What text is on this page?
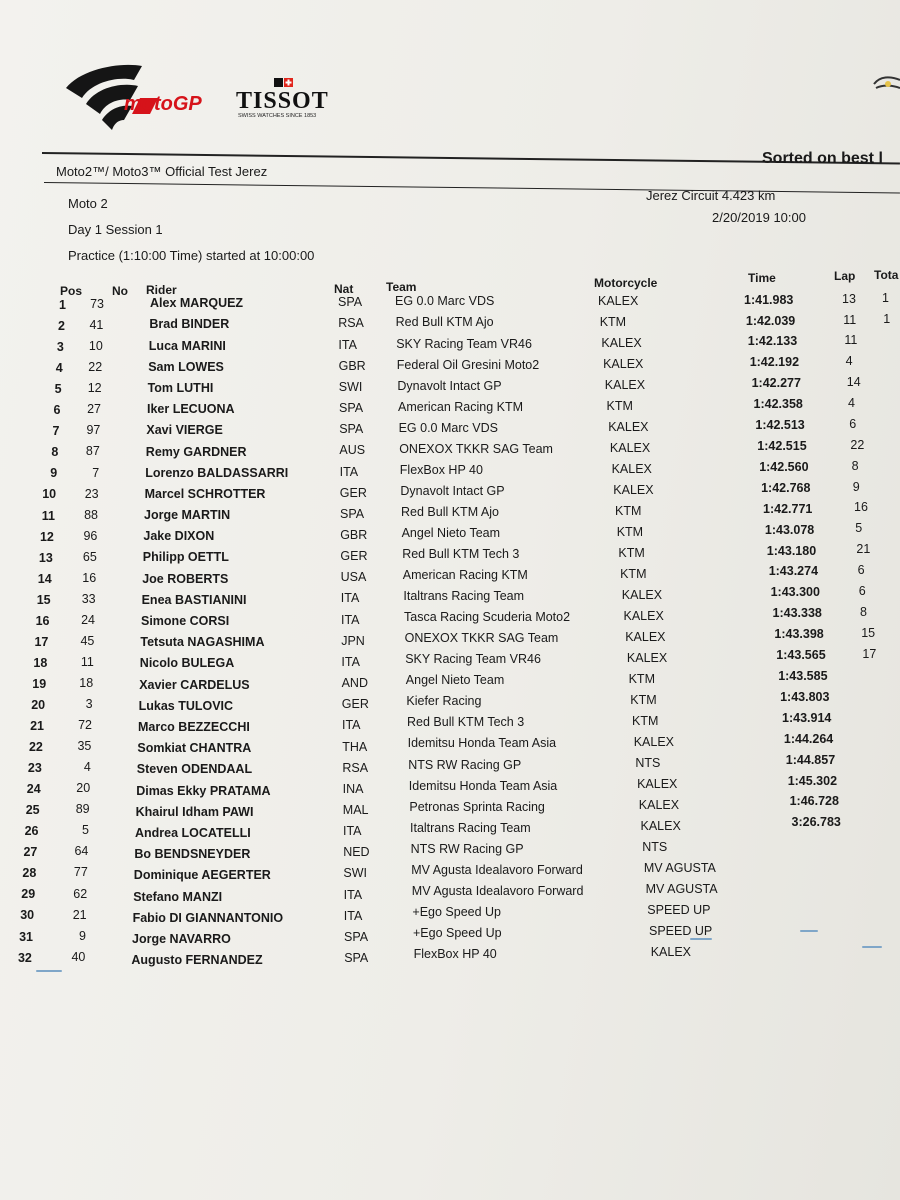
motoGP TISSOT
SWISS WATCHES SINCE 1853
Moto2™/ Moto3™ Official Test Jerez
Sorted on best l
Moto 2
Jerez Circuit 4.423 km
Day 1 Session 1
2/20/2019 10:00
Practice (1:10:00 Time) started at 10:00:00
Pos No Rider	Nat	Team	Motorcycle	Time	Lap Tota
1	73	Alex MARQUEZ	SPA	EG 0.0 Marc VDS	KALEX	1:41.983	13 1
2	41	Brad BINDER	RSA	Red Bull KTM Ajo	KTM	1:42.039	11 1
3	10	Luca MARINI	ITA	SKY Racing Team VR46	KALEX	1:42.133	11
4	22	Sam LOWES	GBR Federal Oil Gresini Moto2	KALEX	1:42.192	4
5	12	Tom LUTHI	SWI	Dynavolt Intact GP	KALEX	1:42.277	14
6	27	Iker LECUONA	SPA	American Racing KTM	KTM	1:42.358	4
7	97	Xavi VIERGE	SPA	EG 0.0 Marc VDS	KALEX	1:42.513	6
8	87	Remy GARDNER	AUS	ONEXOX TKKR SAG Team	KALEX	1:42.515	22
9	7	Lorenzo BALDASSARRI	ITA	FlexBox HP 40	KALEX	1:42.560	8
10	23	Marcel SCHROTTER	GER	Dynavolt Intact GP	KALEX	1:42.768	9
11	88	Jorge MARTIN	SPA	Red Bull KTM Ajo	KTM	1:42.771	16
12	96	Jake DIXON	GBR	Angel Nieto Team	KTM	1:43.078	5
13	65	Philipp OETTL	GER	Red Bull KTM Tech 3	KTM	1:43.180	21
14	16	Joe ROBERTS	USA	American Racing KTM	KTM	1:43.274	6
15	33	Enea BASTIANINI	ITA	Italtrans Racing Team	KALEX	1:43.300	6
16	24	Simone CORSI	ITA	Tasca Racing Scuderia Moto2	KALEX	1:43.338	8
17	45	Tetsuta NAGASHIMA	JPN	ONEXOX TKKR SAG Team	KALEX	1:43.398	15
18	11	Nicolo BULEGA	ITA	SKY Racing Team VR46	KALEX	1:43.565	17
19	18	Xavier CARDELUS	AND	Angel Nieto Team	KTM	1:43.585
20	3	Lukas TULOVIC	GER	Kiefer Racing	KTM	1:43.803
21	72	Marco BEZZECCHI	ITA	Red Bull KTM Tech 3	KTM	1:43.914
22	35	Somkiat CHANTRA	THA	Idemitsu Honda Team Asia	KALEX	1:44.264
23	4	Steven ODENDAAL	RSA	NTS RW Racing GP	NTS	1:44.857
24	20	Dimas Ekky PRATAMA	INA	Idemitsu Honda Team Asia	KALEX	1:45.302
25	89	Khairul Idham PAWI	MAL	Petronas Sprinta Racing	KALEX	1:46.728
26	5	Andrea LOCATELLI	ITA	Italtrans Racing Team	KALEX	3:26.783
27	64	Bo BENDSNEYDER	NED	NTS RW Racing GP	NTS
28	77	Dominique AEGERTER	SWI	MV Agusta Idealavoro Forward	MV AGUSTA
29	62	Stefano MANZI	ITA	MV Agusta Idealavoro Forward	MV AGUSTA
30	21	Fabio DI GIANNANTONIO	ITA	+Ego Speed Up	SPEED UP
31	9	Jorge NAVARRO	SPA	+Ego Speed Up	SPEED UP
32	40	Augusto FERNANDEZ	SPA	FlexBox HP 40	KALEX
